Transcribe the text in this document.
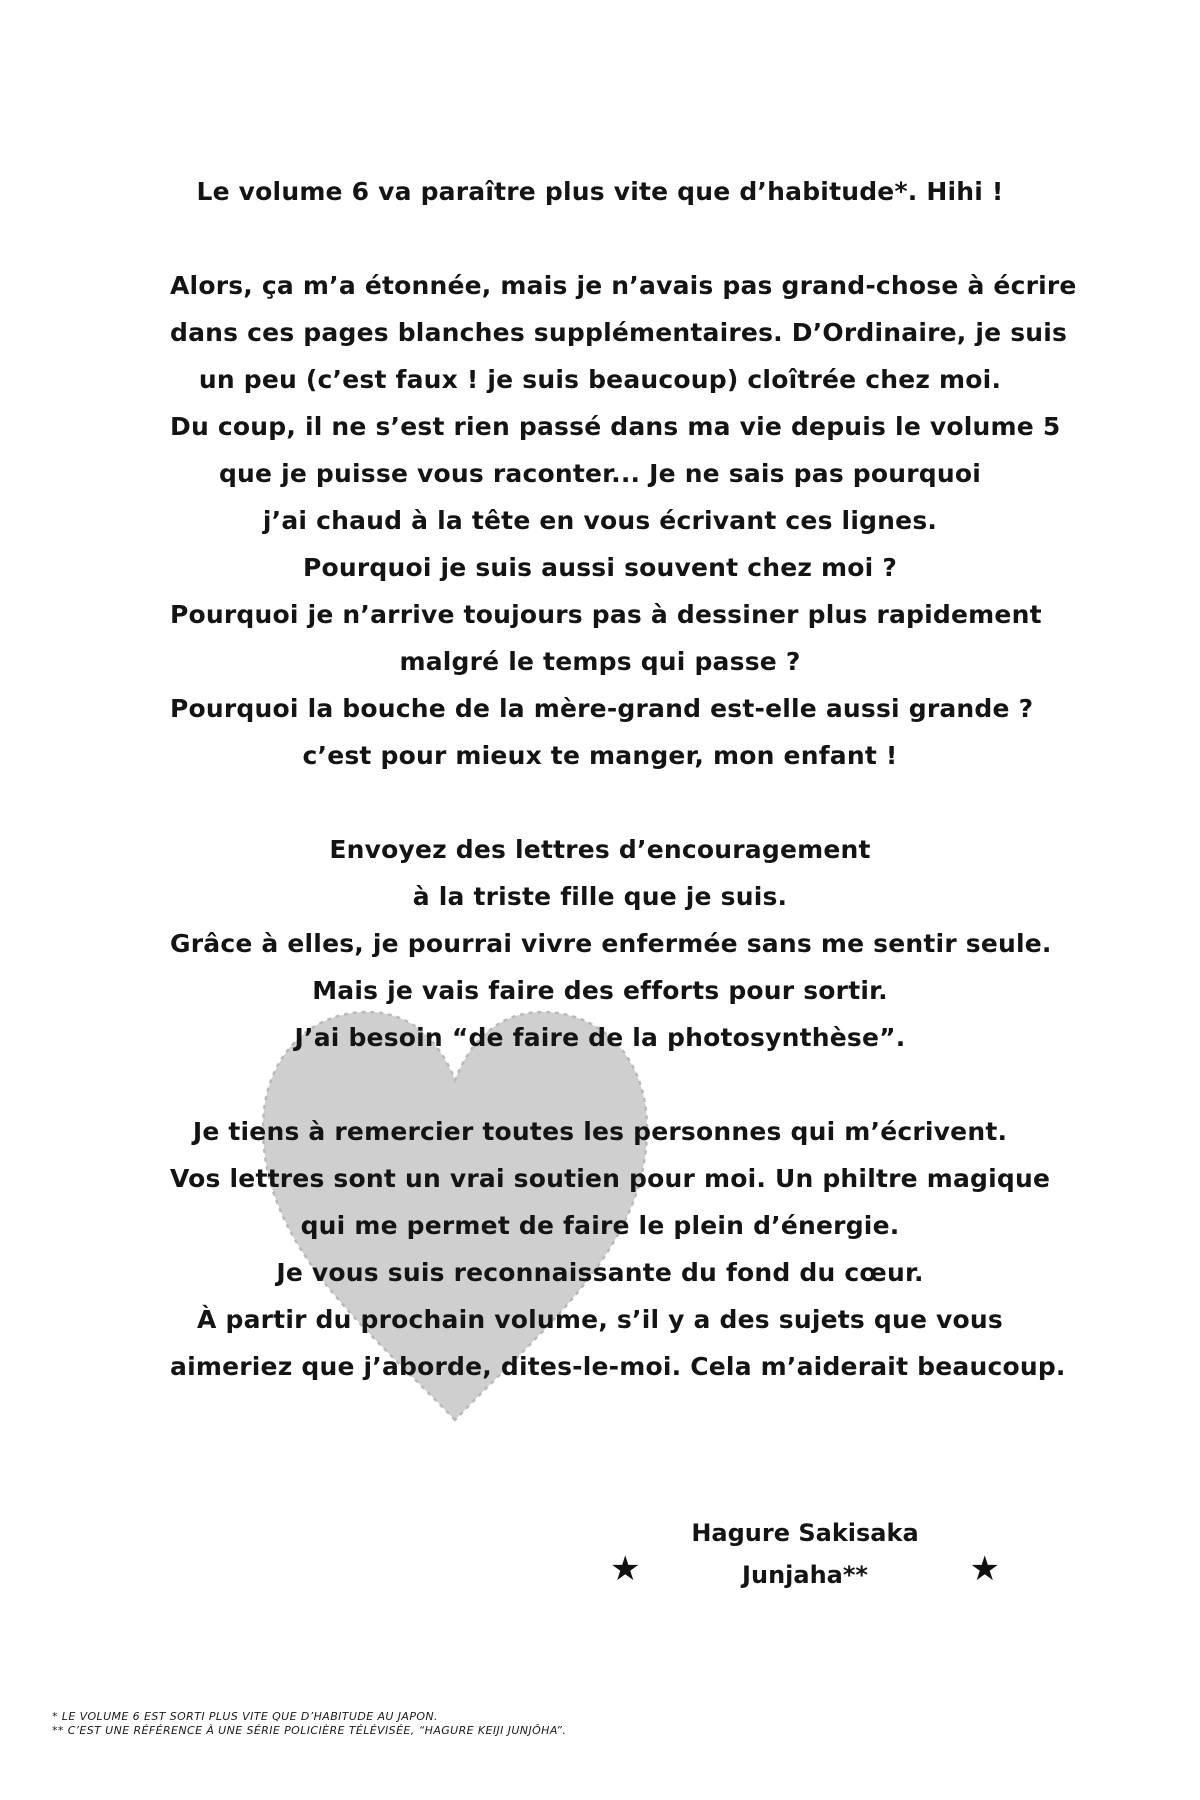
Le volume 6 va paraître plus vite que d’habitude*. Hihi !

Alors, ça m’a étonnée, mais je n’avais pas grand-chose à écrire
dans ces pages blanches supplémentaires. D’Ordinaire, je suis
un peu (c’est faux ! je suis beaucoup) cloîtrée chez moi.
Du coup, il ne s’est rien passé dans ma vie depuis le volume 5
que je puisse vous raconter... Je ne sais pas pourquoi
j’ai chaud à la tête en vous écrivant ces lignes.
Pourquoi je suis aussi souvent chez moi ?
Pourquoi je n’arrive toujours pas à dessiner plus rapidement
malgré le temps qui passe ?
Pourquoi la bouche de la mère-grand est-elle aussi grande ?
c’est pour mieux te manger, mon enfant !

Envoyez des lettres d’encouragement
à la triste fille que je suis.
Grâce à elles, je pourrai vivre enfermée sans me sentir seule.
Mais je vais faire des efforts pour sortir.
J’ai besoin “de faire de la photosynthèse”.

Je tiens à remercier toutes les personnes qui m’écrivent.
Vos lettres sont un vrai soutien pour moi. Un philtre magique
qui me permet de faire le plein d’énergie.
Je vous suis reconnaissante du fond du cœur.
À partir du prochain volume, s’il y a des sujets que vous
aimeriez que j’aborde, dites-le-moi. Cela m’aiderait beaucoup.

★
Hagure Sakisaka
Junjaha**	★
* LE VOLUME 6 EST SORTI PLUS VITE QUE D’HABITUDE AU JAPON.
** C’EST UNE RÉFÉRENCE À UNE SÉRIE POLICIÈRE TÉLÉVISÉE, “HAGURE KEIJI JUNJÔHA”.
